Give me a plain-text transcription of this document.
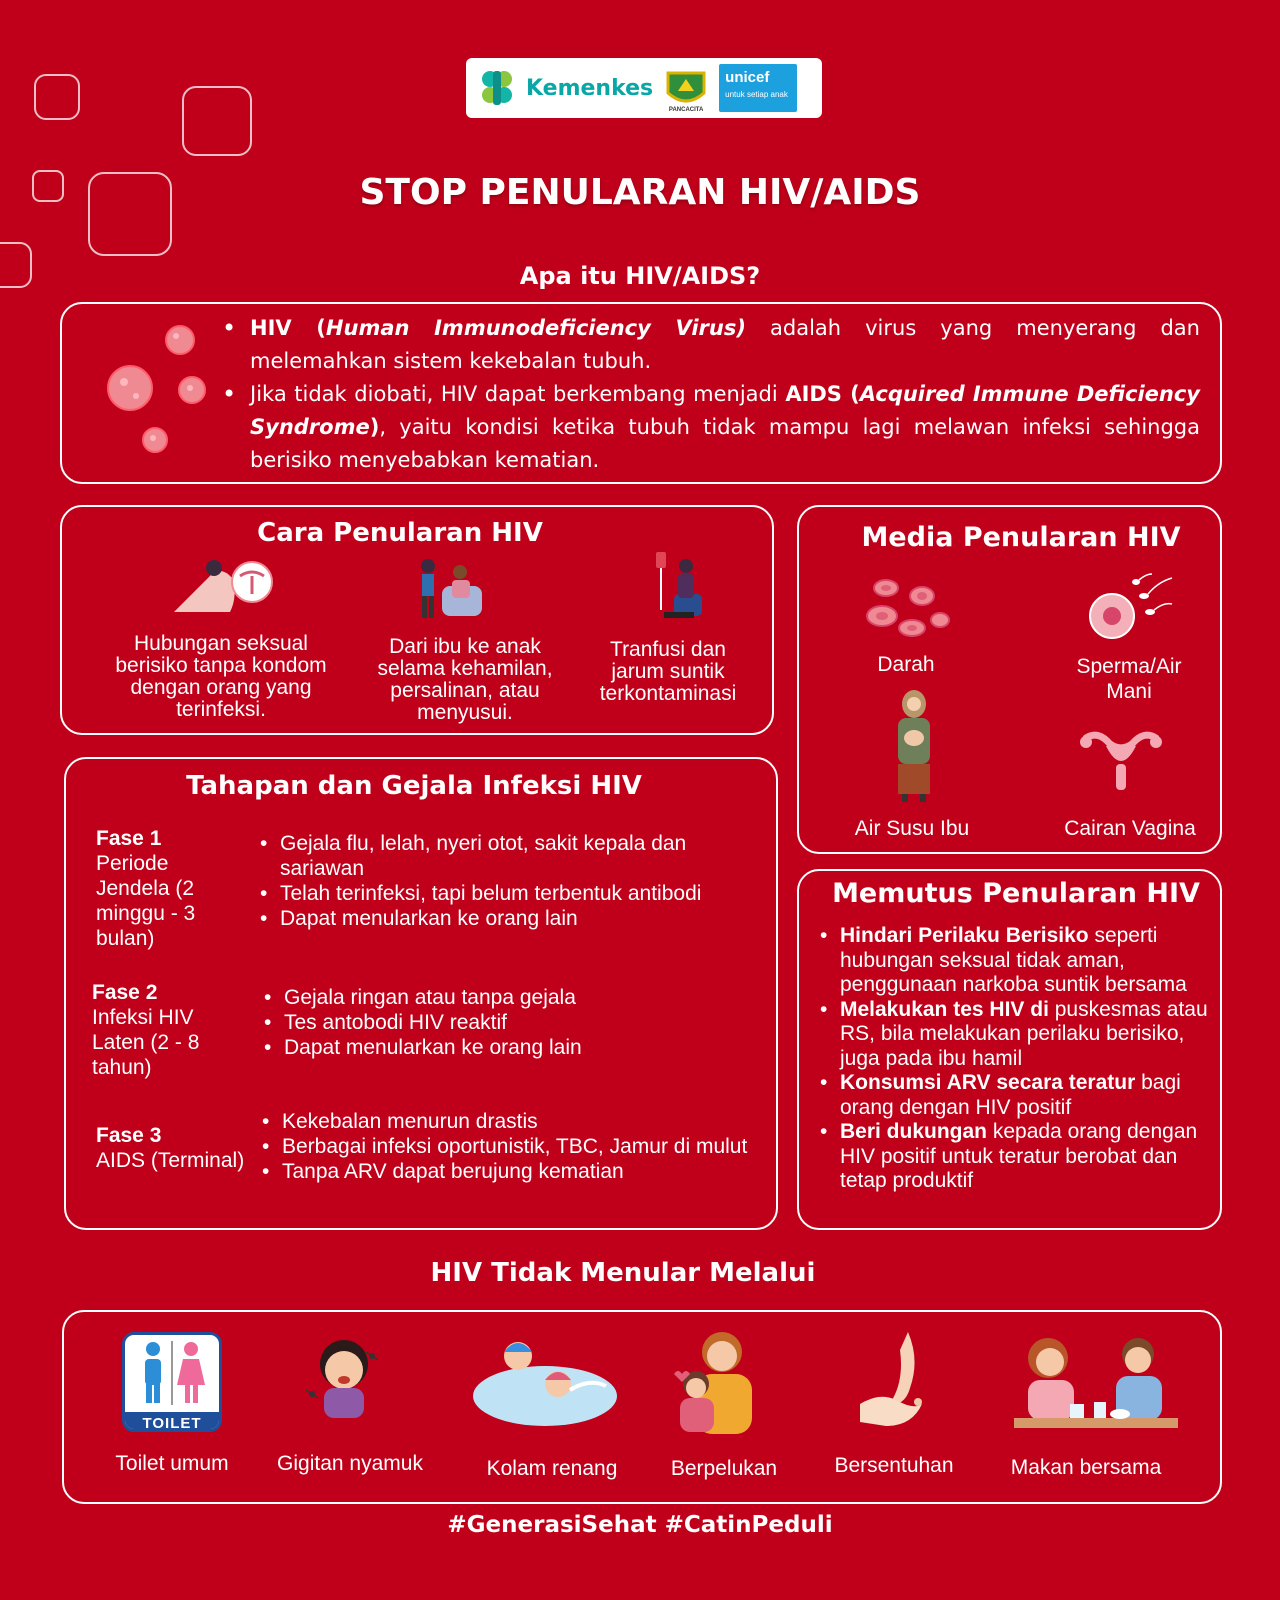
Kemenkes
PANCACITA
unicef
untuk setiap anak
STOP PENULARAN HIV/AIDS
Apa itu HIV/AIDS?
• HIV (Human Immunodeficiency Virus) adalah virus yang menyerang dan melemahkan sistem kekebalan tubuh.
• Jika tidak diobati, HIV dapat berkembang menjadi AIDS (Acquired Immune Deficiency Syndrome), yaitu kondisi ketika tubuh tidak mampu lagi melawan infeksi sehingga berisiko menyebabkan kematian.
Cara Penularan HIV
Hubungan seksual berisiko tanpa kondom dengan orang yang terinfeksi.
Dari ibu ke anak selama kehamilan, persalinan, atau menyusui.
Tranfusi dan jarum suntik terkontaminasi
Media Penularan HIV
Darah	Sperma/Air Mani
Air Susu Ibu	Cairan Vagina
Tahapan dan Gejala Infeksi HIV
Fase 1
Periode Jendela (2 minggu - 3 bulan)
• Gejala flu, lelah, nyeri otot, sakit kepala dan sariawan
• Telah terinfeksi, tapi belum terbentuk antibodi
• Dapat menularkan ke orang lain
Fase 2
Infeksi HIV Laten (2 - 8 tahun)
• Gejala ringan atau tanpa gejala
• Tes antobodi HIV reaktif
• Dapat menularkan ke orang lain
Fase 3
AIDS (Terminal)
• Kekebalan menurun drastis
• Berbagai infeksi oportunistik, TBC, Jamur di mulut
• Tanpa ARV dapat berujung kematian
Memutus Penularan HIV
• Hindari Perilaku Berisiko seperti hubungan seksual tidak aman, penggunaan narkoba suntik bersama
• Melakukan tes HIV di puskesmas atau RS, bila melakukan perilaku berisiko, juga pada ibu hamil
• Konsumsi ARV secara teratur bagi orang dengan HIV positif
• Beri dukungan kepada orang dengan HIV positif untuk teratur berobat dan tetap produktif
HIV Tidak Menular Melalui
TOILET
Toilet umum	Gigitan nyamuk	Kolam renang	Berpelukan	Bersentuhan	Makan bersama
#GenerasiSehat #CatinPeduli
